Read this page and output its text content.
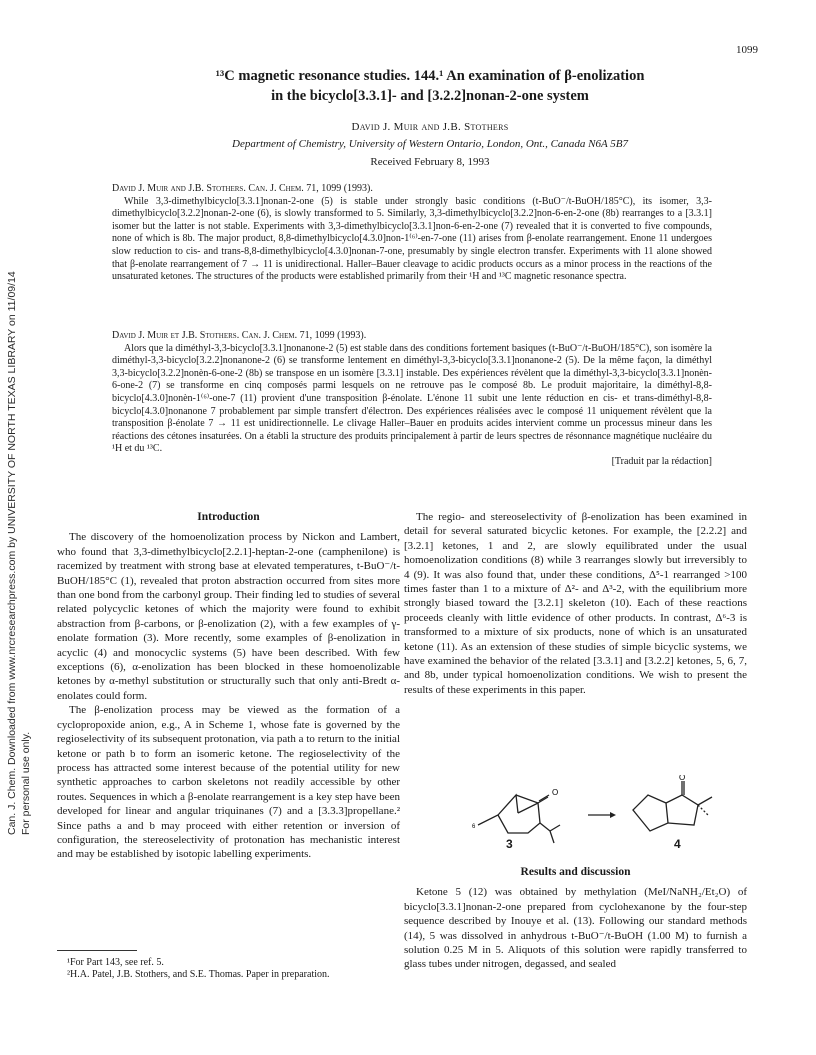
1099
Can. J. Chem. Downloaded from www.nrcresearchpress.com by UNIVERSITY OF NORTH TEXAS LIBRARY on 11/09/14 For personal use only.
¹³C magnetic resonance studies. 144.¹ An examination of β-enolization
in the bicyclo[3.3.1]- and [3.2.2]nonan-2-one system
David J. Muir and J.B. Stothers
Department of Chemistry, University of Western Ontario, London, Ont., Canada N6A 5B7
Received February 8, 1993

David J. Muir and J.B. Stothers. Can. J. Chem. 71, 1099 (1993).

While 3,3-dimethylbicyclo[3.3.1]nonan-2-one (5) is stable under strongly basic conditions (t-BuO⁻/t-BuOH/185°C), its isomer, 3,3-dimethylbicyclo[3.2.2]nonan-2-one (6), is slowly transformed to 5. Similarly, 3,3-dimethylbicyclo[3.2.2]non-6-en-2-one (8b) rearranges to a [3.3.1] isomer but the latter is not stable. Experiments with 3,3-dimethylbicyclo[3.3.1]non-6-en-2-one (7) revealed that it is converted to five compounds, none of which is 8b. The major product, 8,8-dimethylbicyclo[4.3.0]non-1⁽⁶⁾-en-7-one (11) arises from β-enolate rearrangement. Enone 11 undergoes slow reduction to cis- and trans-8,8-dimethylbicyclo[4.3.0]nonan-7-one, presumably by single electron transfer. Experiments with 11 alone showed that β-enolate rearrangement of 7 → 11 is unidirectional. Haller–Bauer cleavage to acidic products occurs as a minor process in the reactions of the unsaturated ketones. The structures of the products were established primarily from their ¹H and ¹³C magnetic resonance spectra.

David J. Muir et J.B. Stothers. Can. J. Chem. 71, 1099 (1993).

Alors que la diméthyl-3,3-bicyclo[3.3.1]nonanone-2 (5) est stable dans des conditions fortement basiques (t-BuO⁻/t-BuOH/185°C), son isomère la diméthyl-3,3-bicyclo[3.2.2]nonanone-2 (6) se transforme lentement en diméthyl-3,3-bicyclo[3.3.1]nonanone-2 (5). De la même façon, la diméthyl 3,3-bicyclo[3.2.2]nonèn-6-one-2 (8b) se transpose en un isomère [3.3.1] instable. Des expériences révèlent que la diméthyl-3,3-bicyclo[3.3.1]nonèn-6-one-2 (7) se transforme en cinq composés parmi lesquels on ne retrouve pas le composé 8b. Le produit majoritaire, la diméthyl-8,8-bicyclo[4.3.0]nonèn-1⁽⁶⁾-one-7 (11) provient d'une transposition β-énolate. L'énone 11 subit une lente réduction en cis- et trans-diméthyl-8,8-bicyclo[4.3.0]nonanone 7 probablement par simple transfert d'électron. Des expériences réalisées avec le composé 11 uniquement révèlent que la transposition β-énolate 7 → 11 est unidirectionnelle. Le clivage Haller–Bauer en produits acides intervient comme un processus mineur dans les réactions des cétones insaturées. On a établi la structure des produits principalement à partir de leurs spectres de résonnance magnétique nucléaire du ¹H et du ¹³C.

[Traduit par la rédaction]

Introduction

The discovery of the homoenolization process by Nickon and Lambert, who found that 3,3-dimethylbicyclo[2.2.1]-heptan-2-one (camphenilone) is racemized by treatment with strong base at elevated temperatures, t-BuO⁻/t-BuOH/185°C (1), revealed that proton abstraction occurred from sites more than one bond from the carbonyl group. Their finding led to studies of several related polycyclic ketones of which the majority were found to exhibit abstraction from β-carbons, or β-enolization (2), with a few examples of γ-enolate formation (3). More recently, some examples of β-enolization in acyclic (4) and monocyclic systems (5) have been described. With few exceptions (6), α-enolization has been blocked in these homoenolizable ketones by α-methyl substitution or structurally such that only anti-Bredt α-enolates could form.

The β-enolization process may be viewed as the formation of a cyclopropoxide anion, e.g., A in Scheme 1, whose fate is governed by the regioselectivity of its subsequent protonation, via path a to return to the initial ketone or path b to form an isomeric ketone. The regioselectivity of the process has attracted some interest because of the potential utility for new synthetic approaches to carbon skeletons not readily accessible by other routes. Sequences in which a β-enolate rearrangement is a key step have been developed for linear and angular triquinanes (7) and a [3.3.3]propellane.² Since paths a and b may proceed with either retention or inversion of configuration, the stereoselectivity of protonation has mechanistic interest and may be established by isotopic labelling experiments.

¹For Part 143, see ref. 5.

²H.A. Patel, J.B. Stothers, and S.E. Thomas. Paper in preparation.

The regio- and stereoselectivity of β-enolization has been examined in detail for several saturated bicyclic ketones. For example, the [2.2.2] and [3.2.1] ketones, 1 and 2, are slowly equilibrated under the usual homoenolization conditions (8) while 3 rearranges slowly but irreversibly to 4 (9). It was also found that, under these conditions, Δ⁵-1 rearranged >100 times faster than 1 to a mixture of Δ²- and Δ³-2, with the equilibrium more strongly biased toward the [3.2.1] skeleton (10). Each of these reactions proceeds cleanly with little evidence of other products. In contrast, Δ⁶-3 is transformed to a mixture of six products, none of which is an unsaturated ketone (11). As an extension of these studies of simple bicyclic systems, we have examined the behavior of the related [3.3.1] and [3.2.2] ketones, 5, 6, 7, and 8b, under typical homoenolization conditions. We wish to present the results of these experiments in this paper.

O
6
O
3	4

Results and discussion

Ketone 5 (12) was obtained by methylation (MeI/NaNH₂/Et₂O) of bicyclo[3.3.1]nonan-2-one prepared from cyclohexanone by the four-step sequence described by Inouye et al. (13). Following our standard methods (14), 5 was dissolved in anhydrous t-BuO⁻/t-BuOH (1.00 M) to furnish a solution 0.25 M in 5. Aliquots of this solution were rapidly transferred to glass tubes under nitrogen, degassed, and sealed
